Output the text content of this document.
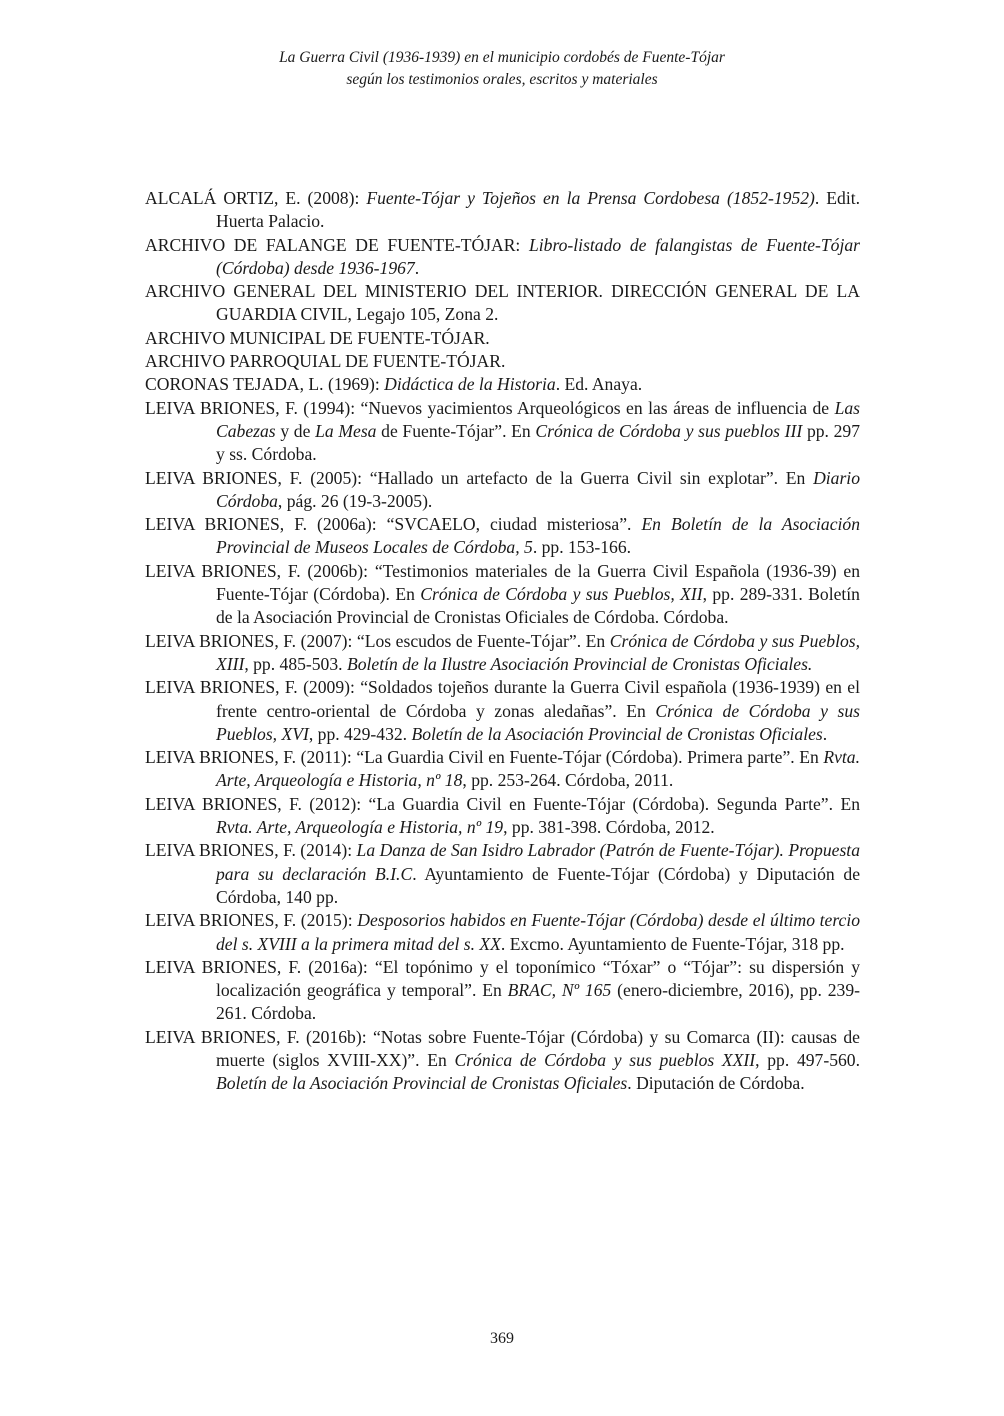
La Guerra Civil (1936-1939) en el municipio cordobés de Fuente-Tójar
según los testimonios orales, escritos y materiales

ALCALÁ ORTIZ, E. (2008): Fuente-Tójar y Tojeños en la Prensa Cordobesa (1852-1952). Edit. Huerta Palacio.

ARCHIVO DE FALANGE DE FUENTE-TÓJAR: Libro-listado de falangistas de Fuente-Tójar (Córdoba) desde 1936-1967.

ARCHIVO GENERAL DEL MINISTERIO DEL INTERIOR. DIRECCIÓN GENERAL DE LA GUARDIA CIVIL, Legajo 105, Zona 2.

ARCHIVO MUNICIPAL DE FUENTE-TÓJAR.

ARCHIVO PARROQUIAL DE FUENTE-TÓJAR.

CORONAS TEJADA, L. (1969): Didáctica de la Historia. Ed. Anaya.

LEIVA BRIONES, F. (1994): “Nuevos yacimientos Arqueológicos en las áreas de influencia de Las Cabezas y de La Mesa de Fuente-Tójar”. En Crónica de Córdoba y sus pueblos III pp. 297 y ss. Córdoba.

LEIVA BRIONES, F. (2005): “Hallado un artefacto de la Guerra Civil sin explotar”. En Diario Córdoba, pág. 26 (19-3-2005).

LEIVA BRIONES, F. (2006a): “SVCAELO, ciudad misteriosa”. En Boletín de la Asociación Provincial de Museos Locales de Córdoba, 5. pp. 153-166.

LEIVA BRIONES, F. (2006b): “Testimonios materiales de la Guerra Civil Española (1936-39) en Fuente-Tójar (Córdoba). En Crónica de Córdoba y sus Pueblos, XII, pp. 289-331. Boletín de la Asociación Provincial de Cronistas Oficiales de Córdoba. Córdoba.

LEIVA BRIONES, F. (2007): “Los escudos de Fuente-Tójar”. En Crónica de Córdoba y sus Pueblos, XIII, pp. 485-503. Boletín de la Ilustre Asociación Provincial de Cronistas Oficiales.

LEIVA BRIONES, F. (2009): “Soldados tojeños durante la Guerra Civil española (1936-1939) en el frente centro-oriental de Córdoba y zonas aledañas”. En Crónica de Córdoba y sus Pueblos, XVI, pp. 429-432. Boletín de la Asociación Provincial de Cronistas Oficiales.

LEIVA BRIONES, F. (2011): “La Guardia Civil en Fuente-Tójar (Córdoba). Primera parte”. En Rvta. Arte, Arqueología e Historia, nº 18, pp. 253-264. Córdoba, 2011.

LEIVA BRIONES, F. (2012): “La Guardia Civil en Fuente-Tójar (Córdoba). Segunda Parte”. En Rvta. Arte, Arqueología e Historia, nº 19, pp. 381-398. Córdoba, 2012.

LEIVA BRIONES, F. (2014): La Danza de San Isidro Labrador (Patrón de Fuente-Tójar). Propuesta para su declaración B.I.C. Ayuntamiento de Fuente-Tójar (Córdoba) y Diputación de Córdoba, 140 pp.

LEIVA BRIONES, F. (2015): Desposorios habidos en Fuente-Tójar (Córdoba) desde el último tercio del s. XVIII a la primera mitad del s. XX. Excmo. Ayuntamiento de Fuente-Tójar, 318 pp.

LEIVA BRIONES, F. (2016a): “El topónimo y el toponímico “Tóxar” o “Tójar”: su dispersión y localización geográfica y temporal”. En BRAC, Nº 165 (enero-diciembre, 2016), pp. 239-261. Córdoba.

LEIVA BRIONES, F. (2016b): “Notas sobre Fuente-Tójar (Córdoba) y su Comarca (II): causas de muerte (siglos XVIII-XX)”. En Crónica de Córdoba y sus pueblos XXII, pp. 497-560. Boletín de la Asociación Provincial de Cronistas Oficiales. Diputación de Córdoba.

369
